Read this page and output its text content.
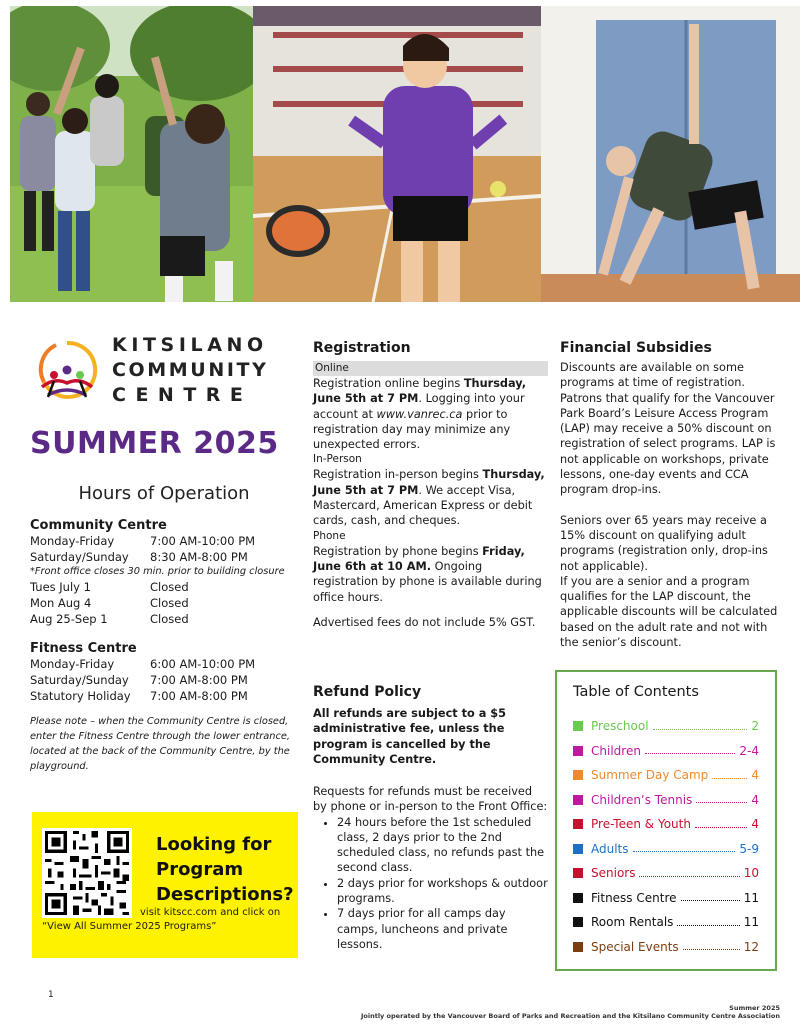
KITSILANO
COMMUNITY
CENTRE
SUMMER 2025
Hours of Operation
Community Centre
Monday-Friday	7:00 AM-10:00 PM
Saturday/Sunday	8:30 AM-8:00 PM
*Front office closes 30 min. prior to building closure
Tues July 1	Closed
Mon Aug 4	Closed
Aug 25-Sep 1	Closed
Fitness Centre
Monday-Friday	6:00 AM-10:00 PM
Saturday/Sunday	7:00 AM-8:00 PM
Statutory Holiday	7:00 AM-8:00 PM
Please note – when the Community Centre is closed, enter the Fitness Centre through the lower entrance, located at the back of the Community Centre, by the playground.
Looking for
Program
Descriptions?
visit kitscc.com and click on
“View All Summer 2025 Programs”
Registration
Online
Registration online begins Thursday, June 5th at 7 PM. Logging into your account at www.vanrec.ca prior to registration day may minimize any unexpected errors.
In-Person
Registration in-person begins Thursday, June 5th at 7 PM. We accept Visa, Mastercard, American Express or debit cards, cash, and cheques.
Phone
Registration by phone begins Friday, June 6th at 10 AM. Ongoing registration by phone is available during office hours.
Advertised fees do not include 5% GST.
Refund Policy
All refunds are subject to a $5 administrative fee, unless the program is cancelled by the Community Centre.
Requests for refunds must be received by phone or in-person to the Front Office:
• 24 hours before the 1st scheduled class, 2 days prior to the 2nd scheduled class, no refunds past the second class.
• 2 days prior for workshops & outdoor programs.
• 7 days prior for all camps day camps, luncheons and private lessons.
Financial Subsidies
Discounts are available on some programs at time of registration. Patrons that qualify for the Vancouver Park Board’s Leisure Access Program (LAP) may receive a 50% discount on registration of select programs. LAP is not applicable on workshops, private lessons, one-day events and CCA program drop-ins.
Seniors over 65 years may receive a 15% discount on qualifying adult programs (registration only, drop-ins not applicable).
If you are a senior and a program qualifies for the LAP discount, the applicable discounts will be calculated based on the adult rate and not with the senior’s discount.
Table of Contents
Preschool	2
Children	2-4
Summer Day Camp	4
Children’s Tennis	4
Pre-Teen & Youth	4
Adults	5-9
Seniors	10
Fitness Centre	11
Room Rentals	11
Special Events	12
1
Summer 2025
Jointly operated by the Vancouver Board of Parks and Recreation and the Kitsilano Community Centre Association
